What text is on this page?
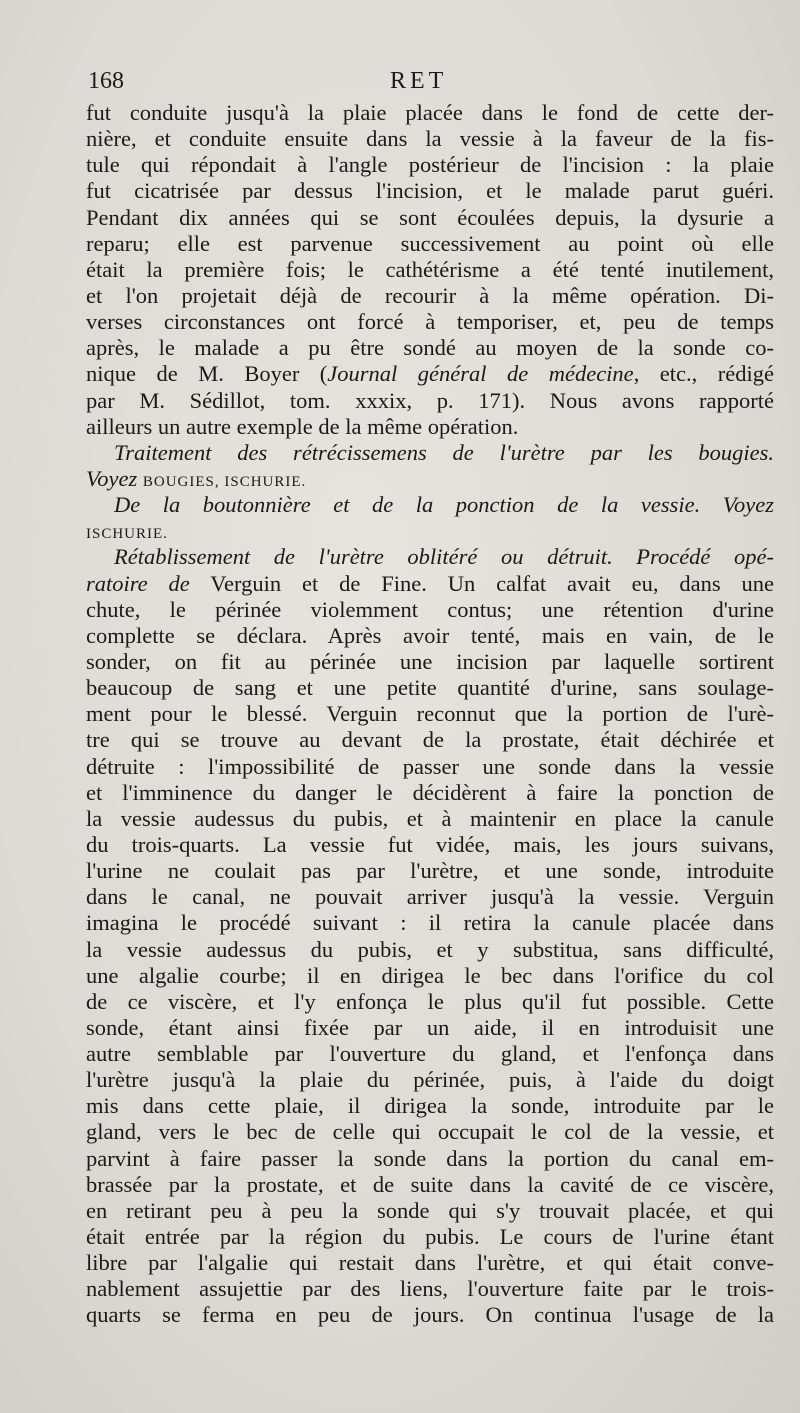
168	RET
fut conduite jusqu'à la plaie placée dans le fond de cette der-
nière, et conduite ensuite dans la vessie à la faveur de la fis-
tule qui répondait à l'angle postérieur de l'incision : la plaie
fut cicatrisée par dessus l'incision, et le malade parut guéri.
Pendant dix années qui se sont écoulées depuis, la dysurie a
reparu; elle est parvenue successivement au point où elle
était la première fois; le cathétérisme a été tenté inutilement,
et l'on projetait déjà de recourir à la même opération. Di-
verses circonstances ont forcé à temporiser, et, peu de temps
après, le malade a pu être sondé au moyen de la sonde co-
nique de M. Boyer (Journal général de médecine, etc., rédigé
par M. Sédillot, tom. xxxix, p. 171). Nous avons rapporté
ailleurs un autre exemple de la même opération.
Traitement des rétrécissemens de l'urètre par les bougies.
Voyez BOUGIES, ISCHURIE.
De la boutonnière et de la ponction de la vessie. Voyez
ISCHURIE.
Rétablissement de l'urètre oblitéré ou détruit. Procédé opé-
ratoire de Verguin et de Fine. Un calfat avait eu, dans une
chute, le périnée violemment contus; une rétention d'urine
complette se déclara. Après avoir tenté, mais en vain, de le
sonder, on fit au périnée une incision par laquelle sortirent
beaucoup de sang et une petite quantité d'urine, sans soulage-
ment pour le blessé. Verguin reconnut que la portion de l'urè-
tre qui se trouve au devant de la prostate, était déchirée et
détruite : l'impossibilité de passer une sonde dans la vessie
et l'imminence du danger le décidèrent à faire la ponction de
la vessie audessus du pubis, et à maintenir en place la canule
du trois-quarts. La vessie fut vidée, mais, les jours suivans,
l'urine ne coulait pas par l'urètre, et une sonde, introduite
dans le canal, ne pouvait arriver jusqu'à la vessie. Verguin
imagina le procédé suivant : il retira la canule placée dans
la vessie audessus du pubis, et y substitua, sans difficulté,
une algalie courbe; il en dirigea le bec dans l'orifice du col
de ce viscère, et l'y enfonça le plus qu'il fut possible. Cette
sonde, étant ainsi fixée par un aide, il en introduisit une
autre semblable par l'ouverture du gland, et l'enfonça dans
l'urètre jusqu'à la plaie du périnée, puis, à l'aide du doigt
mis dans cette plaie, il dirigea la sonde, introduite par le
gland, vers le bec de celle qui occupait le col de la vessie, et
parvint à faire passer la sonde dans la portion du canal em-
brassée par la prostate, et de suite dans la cavité de ce viscère,
en retirant peu à peu la sonde qui s'y trouvait placée, et qui
était entrée par la région du pubis. Le cours de l'urine étant
libre par l'algalie qui restait dans l'urètre, et qui était conve-
nablement assujettie par des liens, l'ouverture faite par le trois-
quarts se ferma en peu de jours. On continua l'usage de la
